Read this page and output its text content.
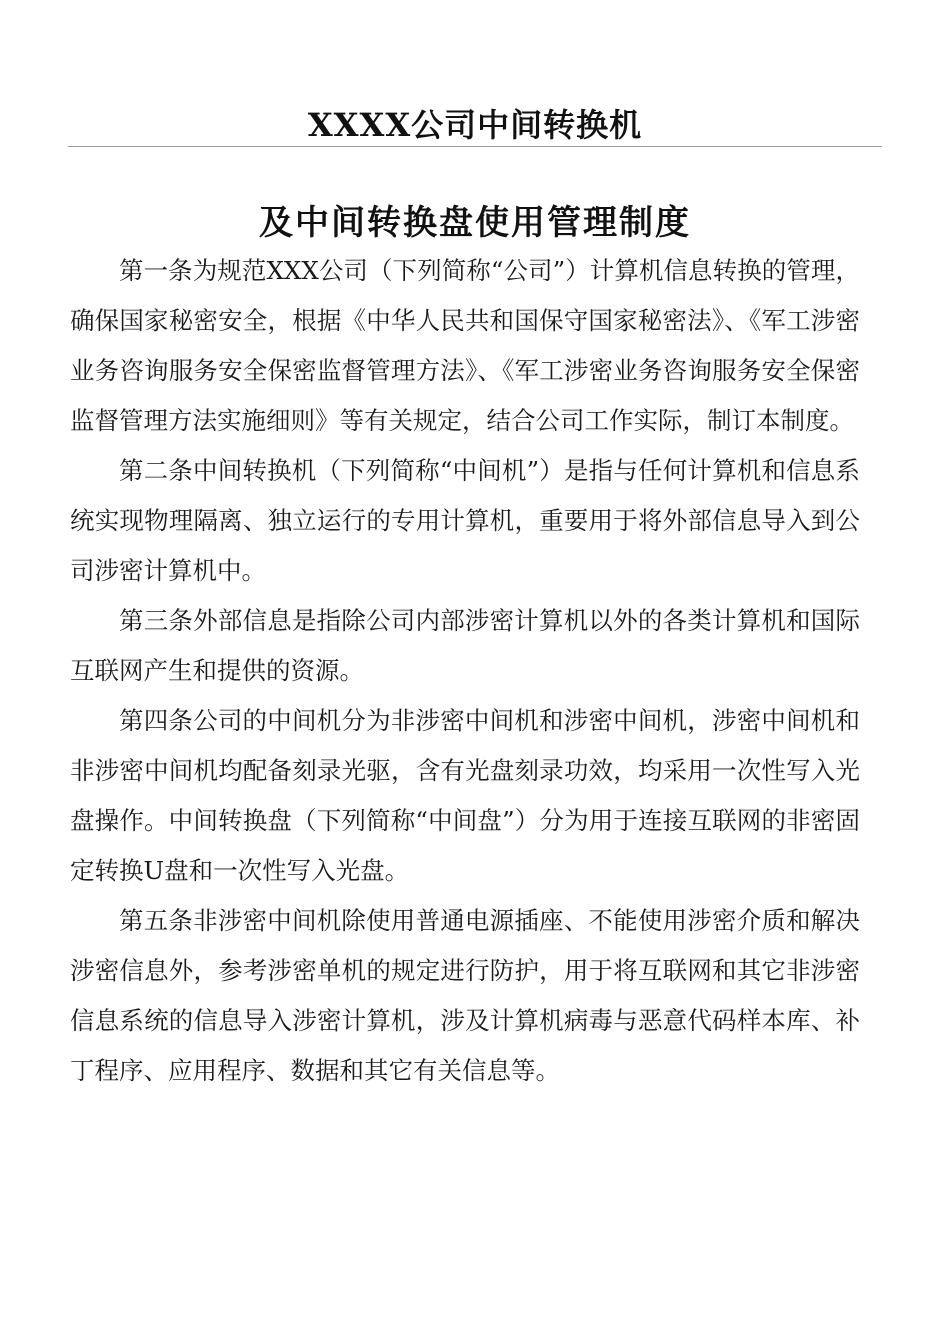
XXXX公司中间转换机
及中间转换盘使用管理制度

第一条为规范XXX公司（下列简称“公司”）计算机信息转换的管理，确保国家秘密安全，根据《中华人民共和国保守国家秘密法》、《军工涉密业务咨询服务安全保密监督管理方法》、《军工涉密业务咨询服务安全保密监督管理方法实施细则》等有关规定，结合公司工作实际，制订本制度。

第二条中间转换机（下列简称“中间机”）是指与任何计算机和信息系统实现物理隔离、独立运行的专用计算机，重要用于将外部信息导入到公司涉密计算机中。

第三条外部信息是指除公司内部涉密计算机以外的各类计算机和国际互联网产生和提供的资源。

第四条公司的中间机分为非涉密中间机和涉密中间机，涉密中间机和非涉密中间机均配备刻录光驱，含有光盘刻录功效，均采用一次性写入光盘操作。中间转换盘（下列简称“中间盘”）分为用于连接互联网的非密固定转换U盘和一次性写入光盘。

第五条非涉密中间机除使用普通电源插座、不能使用涉密介质和解决涉密信息外，参考涉密单机的规定进行防护，用于将互联网和其它非涉密信息系统的信息导入涉密计算机，涉及计算机病毒与恶意代码样本库、补丁程序、应用程序、数据和其它有关信息等。
